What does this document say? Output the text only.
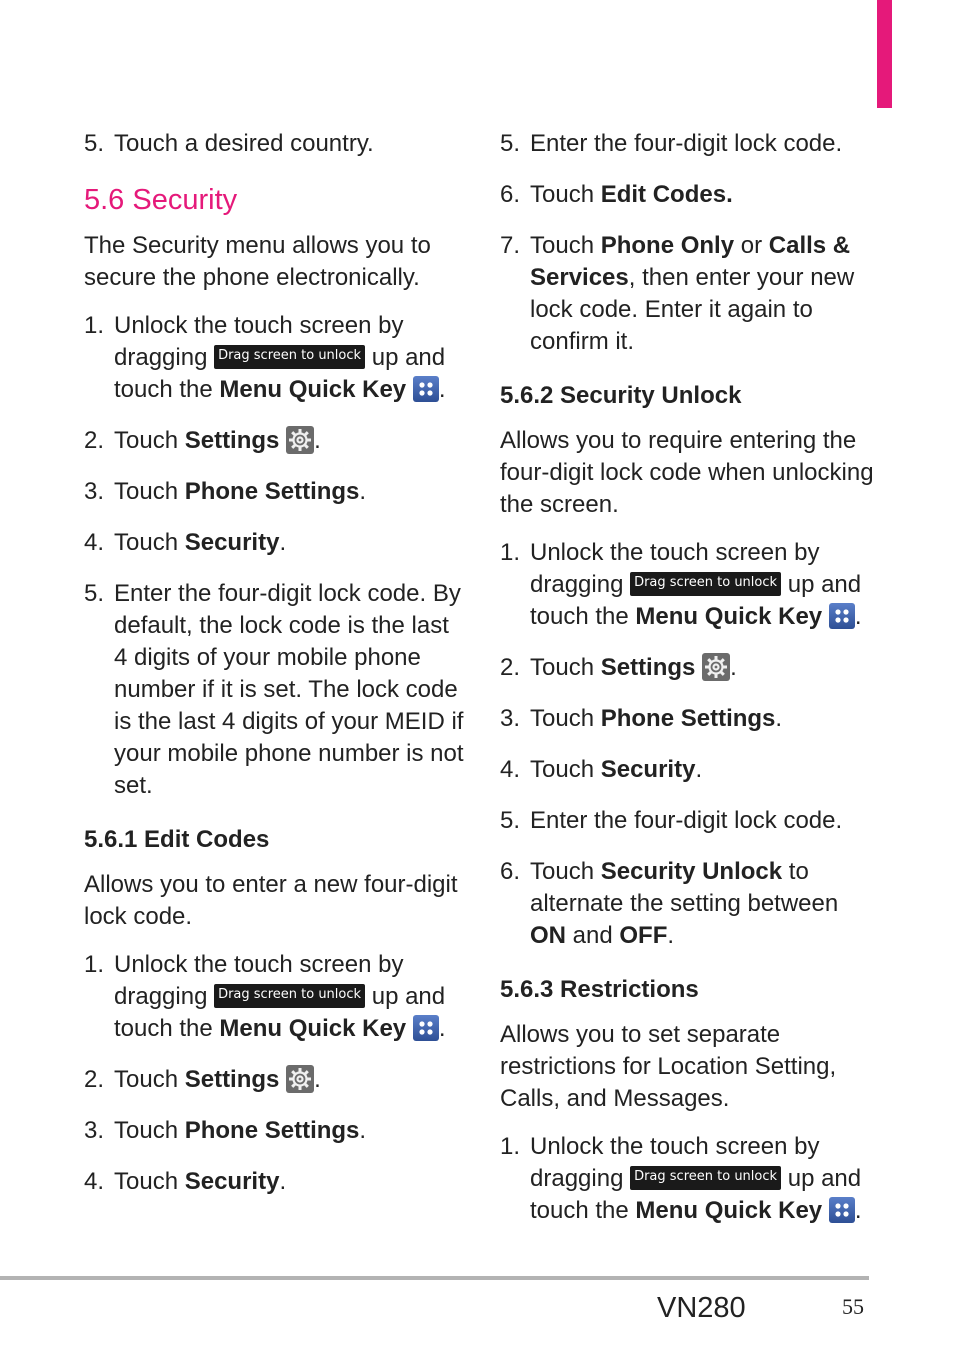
5. Touch a desired country.

5.6 Security

The Security menu allows you to secure the phone electronically.

1. Unlock the touch screen by dragging Drag screen to unlock up and touch the Menu Quick Key .

2. Touch Settings .

3. Touch Phone Settings.

4. Touch Security.

5. Enter the four-digit lock code. By default, the lock code is the last 4 digits of your mobile phone number if it is set. The lock code is the last 4 digits of your MEID if your mobile phone number is not set.

5.6.1 Edit Codes

Allows you to enter a new four-digit lock code.

1. Unlock the touch screen by dragging Drag screen to unlock up and touch the Menu Quick Key .

2. Touch Settings .

3. Touch Phone Settings.

4. Touch Security.

5. Enter the four-digit lock code.

6. Touch Edit Codes.

7. Touch Phone Only or Calls & Services, then enter your new lock code. Enter it again to confirm it.

5.6.2 Security Unlock

Allows you to require entering the four-digit lock code when unlocking the screen.

1. Unlock the touch screen by dragging Drag screen to unlock up and touch the Menu Quick Key .

2. Touch Settings .

3. Touch Phone Settings.

4. Touch Security.

5. Enter the four-digit lock code.

6. Touch Security Unlock to alternate the setting between ON and OFF.

5.6.3 Restrictions

Allows you to set separate restrictions for Location Setting, Calls, and Messages.

1. Unlock the touch screen by dragging Drag screen to unlock up and touch the Menu Quick Key .

VN280	55
